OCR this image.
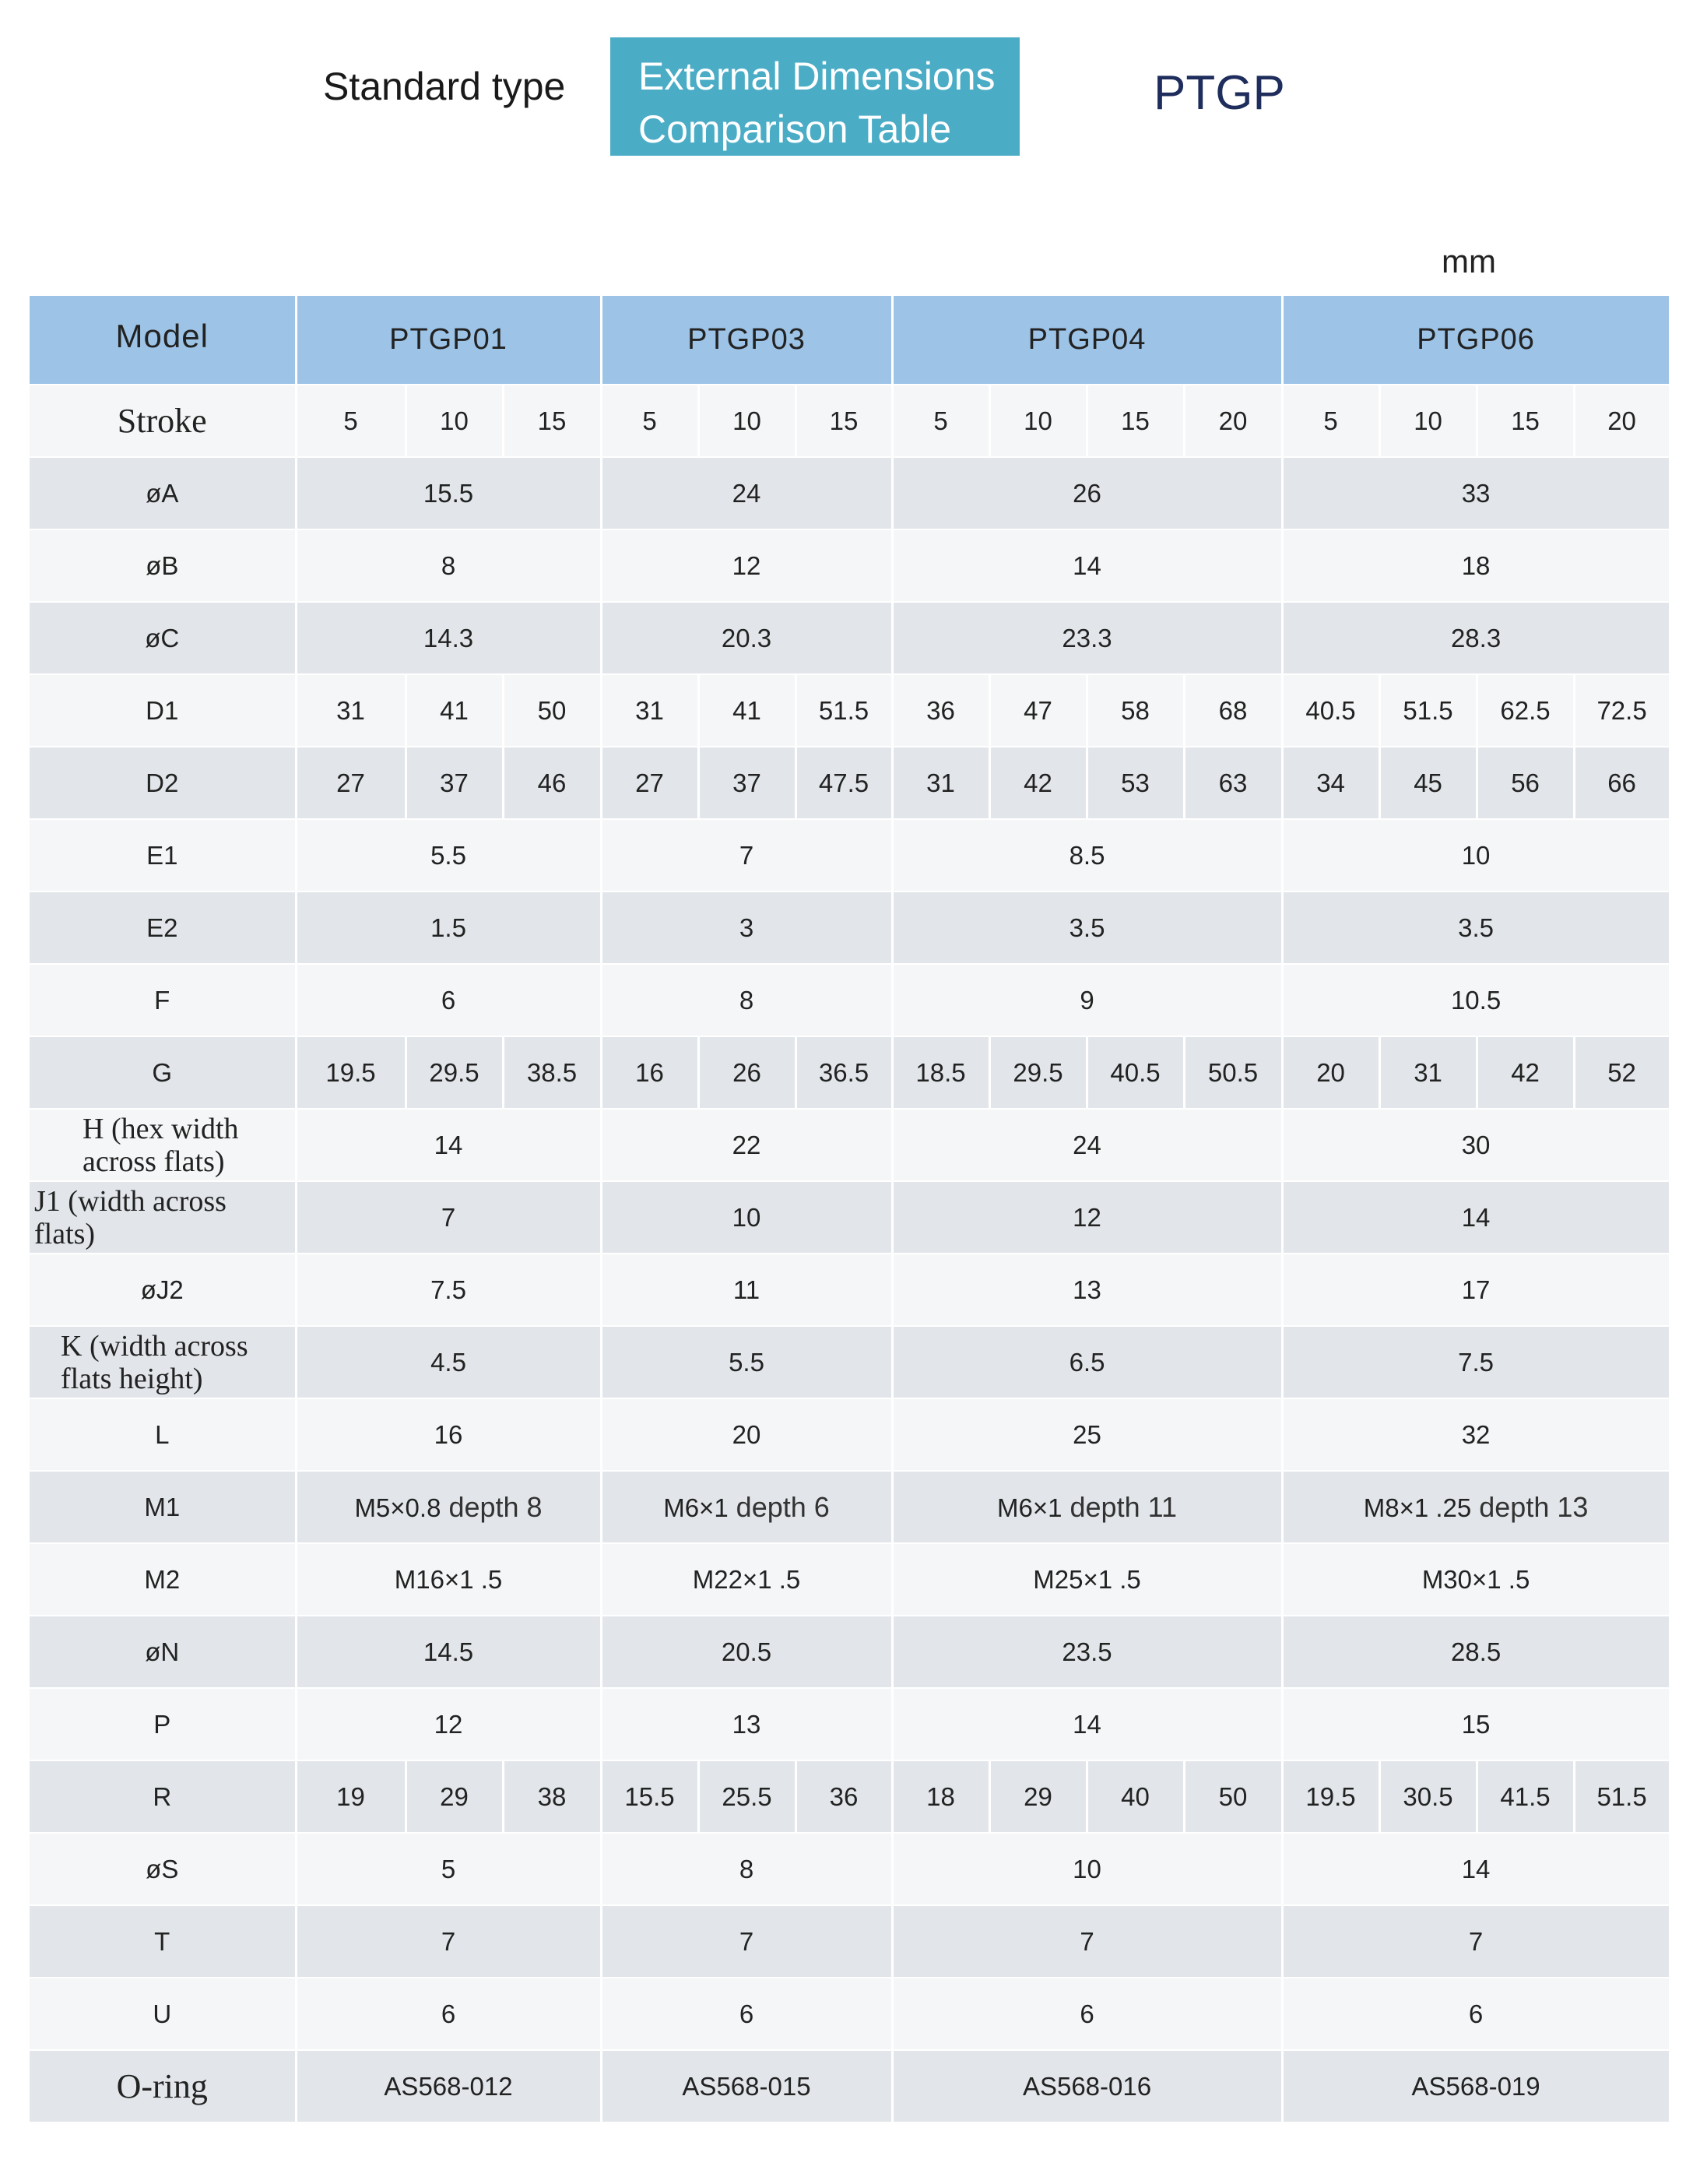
Standard type External Dimensions
Comparison Table
PTGP
mm
Model	PTGP01			PTGP03			PTGP04				PTGP06			
Stroke	5	10	15	5	10	15	5	10	15	20	5	10	15	20
øA	15.5			24			26				33			
øB	8			12			14				18			
øC	14.3			20.3			23.3				28.3			
D1	31	41	50	31	41	51.5	36	47	58	68	40.5	51.5	62.5	72.5
D2	27	37	46	27	37	47.5	31	42	53	63	34	45	56	66
E1	5.5			7			8.5				10			
E2	1.5			3			3.5				3.5			
F	6			8			9				10.5			
G	19.5	29.5	38.5	16	26	36.5	18.5	29.5	40.5	50.5	20	31	42	52

H (hex width
across flats)	14			22			24				30			
J1 (width across flats)	7			10			12				14			
øJ2	7.5			11			13				17			

K (width across
flats height)	4.5			5.5			6.5				7.5			
L	16			20			25				32			
M1	M5×0.8 depth 8			M6×1 depth 6			M6×1 depth 11				M8×1 .25 depth 13			
M2	M16×1 .5			M22×1 .5			M25×1 .5				M30×1 .5			
øN	14.5			20.5			23.5				28.5			
P	12			13			14				15			
R	19	29	38	15.5	25.5	36	18	29	40	50	19.5	30.5	41.5	51.5
øS	5			8			10				14			
T	7			7			7				7			
U	6			6			6				6			
O-ring	AS568-012			AS568-015			AS568-016				AS568-019			
